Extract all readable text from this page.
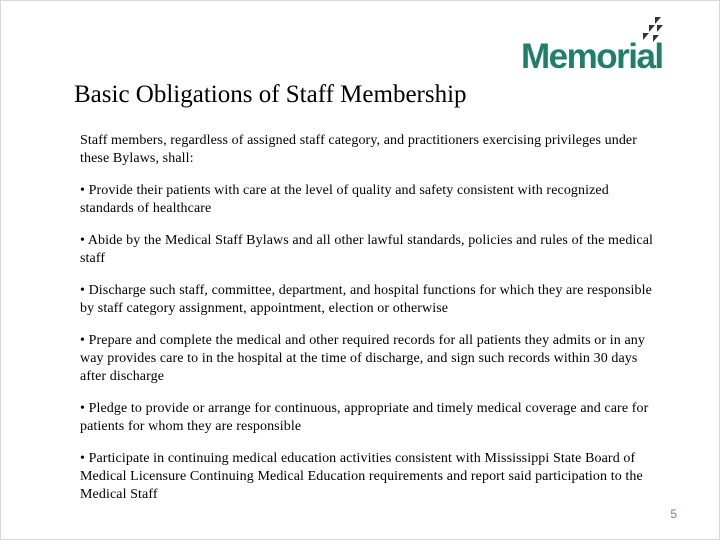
Memorial
Basic Obligations of Staff Membership

Staff members, regardless of assigned staff category, and practitioners exercising privileges under these Bylaws, shall:

• Provide their patients with care at the level of quality and safety consistent with recognized standards of healthcare

• Abide by the Medical Staff Bylaws and all other lawful standards, policies and rules of the medical staff

• Discharge such staff, committee, department, and hospital functions for which they are responsible by staff category assignment, appointment, election or otherwise

• Prepare and complete the medical and other required records for all patients they admits or in any way provides care to in the hospital at the time of discharge, and sign such records within 30 days after discharge

• Pledge to provide or arrange for continuous, appropriate and timely medical coverage and care for patients for whom they are responsible

• Participate in continuing medical education activities consistent with Mississippi State Board of Medical Licensure Continuing Medical Education requirements and report said participation to the Medical Staff

5
